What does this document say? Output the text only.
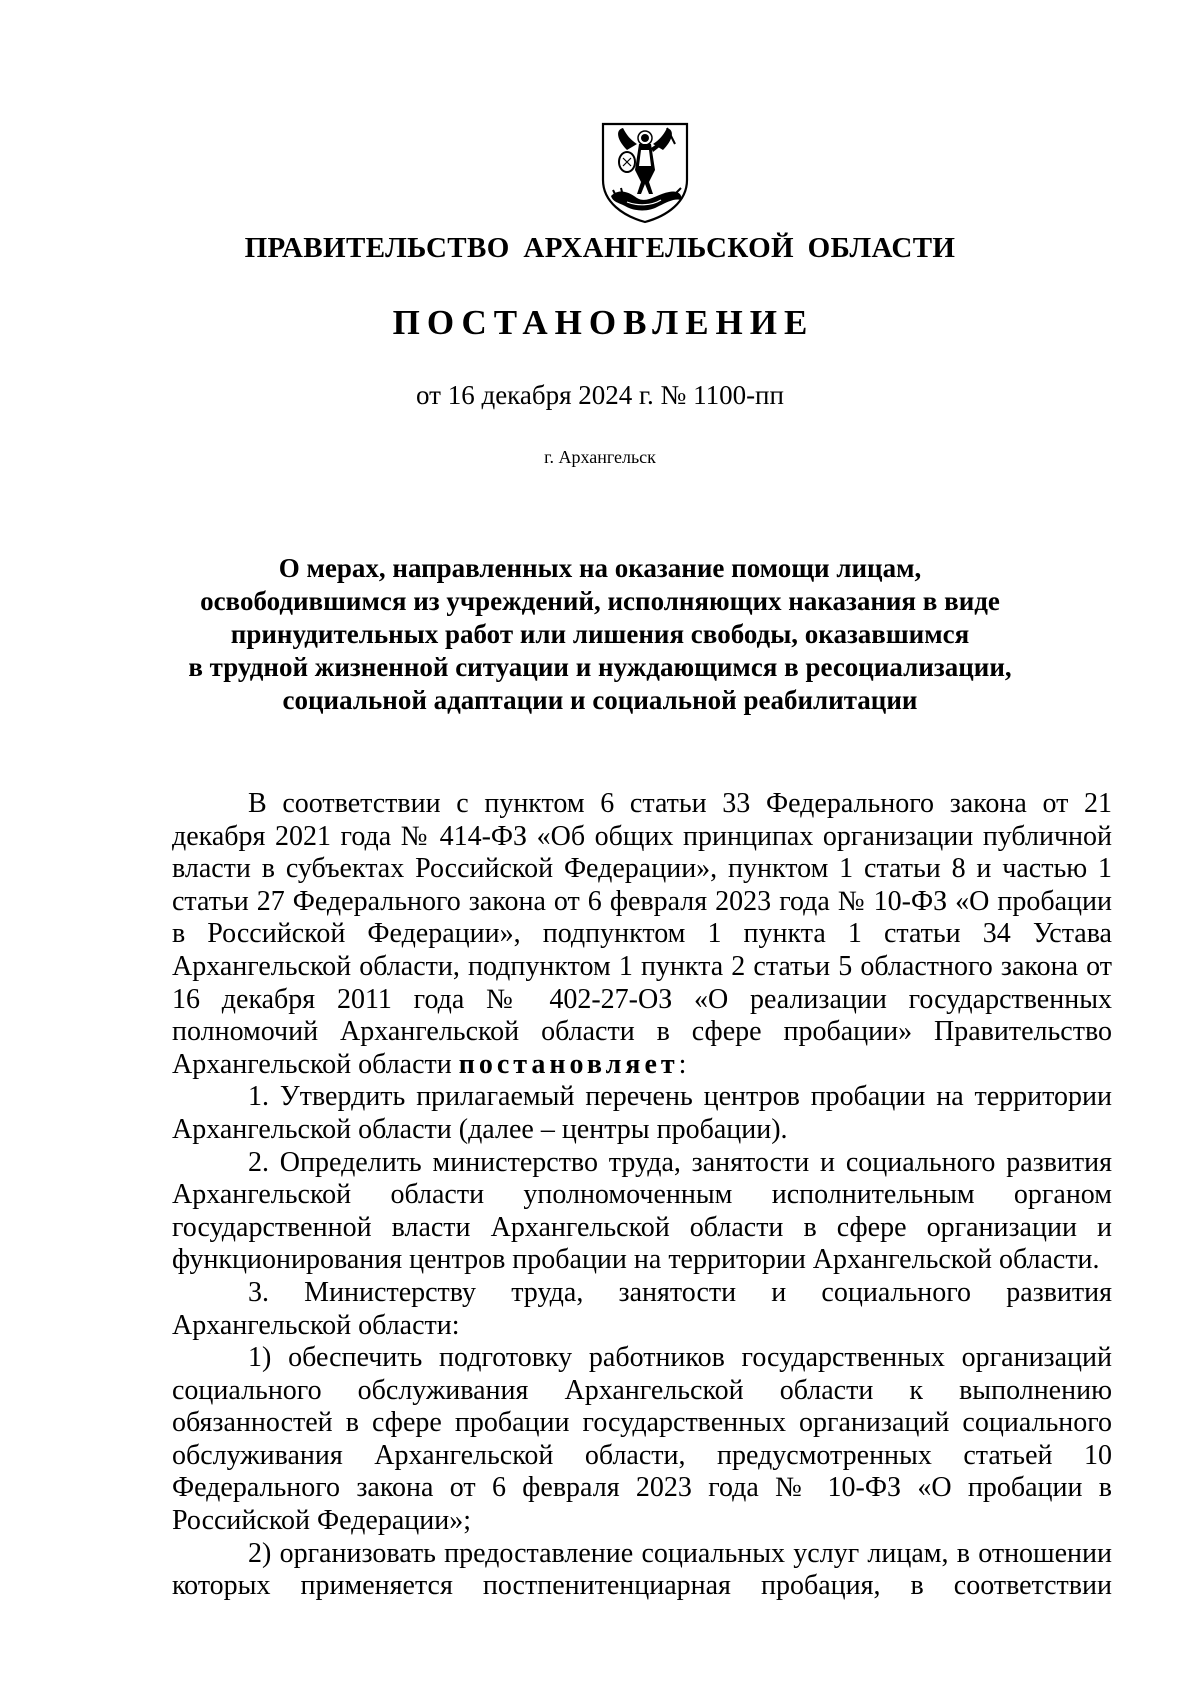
ПРАВИТЕЛЬСТВО АРХАНГЕЛЬСКОЙ ОБЛАСТИ
ПОСТАНОВЛЕНИЕ
от 16 декабря 2024 г. № 1100-пп
г. Архангельск
О мерах, направленных на оказание помощи лицам,
освободившимся из учреждений, исполняющих наказания в виде
принудительных работ или лишения свободы, оказавшимся
в трудной жизненной ситуации и нуждающимся в ресоциализации,
социальной адаптации и социальной реабилитации

В соответствии с пунктом 6 статьи 33 Федерального закона от 21 декабря 2021 года № 414-ФЗ «Об общих принципах организации публичной власти в субъектах Российской Федерации», пунктом 1 статьи 8 и частью 1 статьи 27 Федерального закона от 6 февраля 2023 года № 10-ФЗ «О пробации в Российской Федерации», подпунктом 1 пункта 1 статьи 34 Устава Архангельской области, подпунктом 1 пункта 2 статьи 5 областного закона от 16 декабря 2011 года № 402-27-ОЗ «О реализации государственных полномочий Архангельской области в сфере пробации» Правительство Архангельской области постановляет:

1. Утвердить прилагаемый перечень центров пробации на территории Архангельской области (далее – центры пробации).

2. Определить министерство труда, занятости и социального развития Архангельской области уполномоченным исполнительным органом государственной власти Архангельской области в сфере организации и функционирования центров пробации на территории Архангельской области.

3. Министерству труда, занятости и социального развития Архангельской области:

1) обеспечить подготовку работников государственных организаций социального обслуживания Архангельской области к выполнению обязанностей в сфере пробации государственных организаций социального обслуживания Архангельской области, предусмотренных статьей 10 Федерального закона от 6 февраля 2023 года № 10-ФЗ «О пробации в Российской Федерации»;

2) организовать предоставление социальных услуг лицам, в отношении которых применяется постпенитенциарная пробация, в соответствии
